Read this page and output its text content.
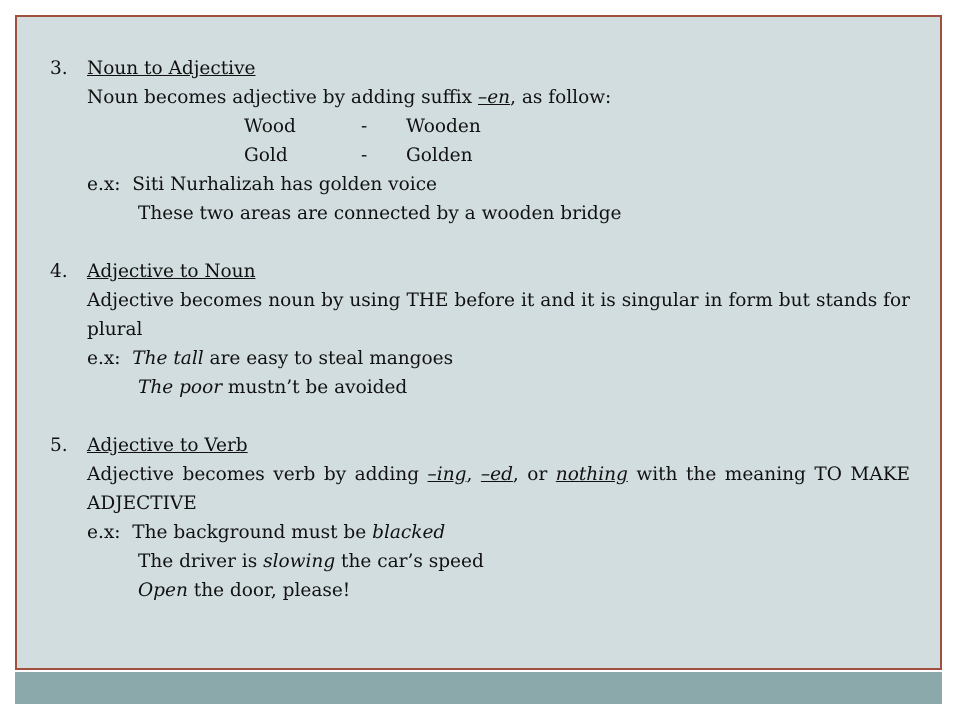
3. Noun to Adjective
Noun becomes adjective by adding suffix –en, as follow:
Wood	-	Wooden
Gold	-	Golden
e.x: Siti Nurhalizah has golden voice
These two areas are connected by a wooden bridge
4. Adjective to Noun
Adjective becomes noun by using THE before it and it is singular in form but stands for plural
e.x: The tall are easy to steal mangoes
The poor mustn’t be avoided
5. Adjective to Verb
Adjective becomes verb by adding –ing, –ed, or nothing with the meaning TO MAKE ADJECTIVE
e.x: The background must be blacked
The driver is slowing the car’s speed
Open the door, please!
